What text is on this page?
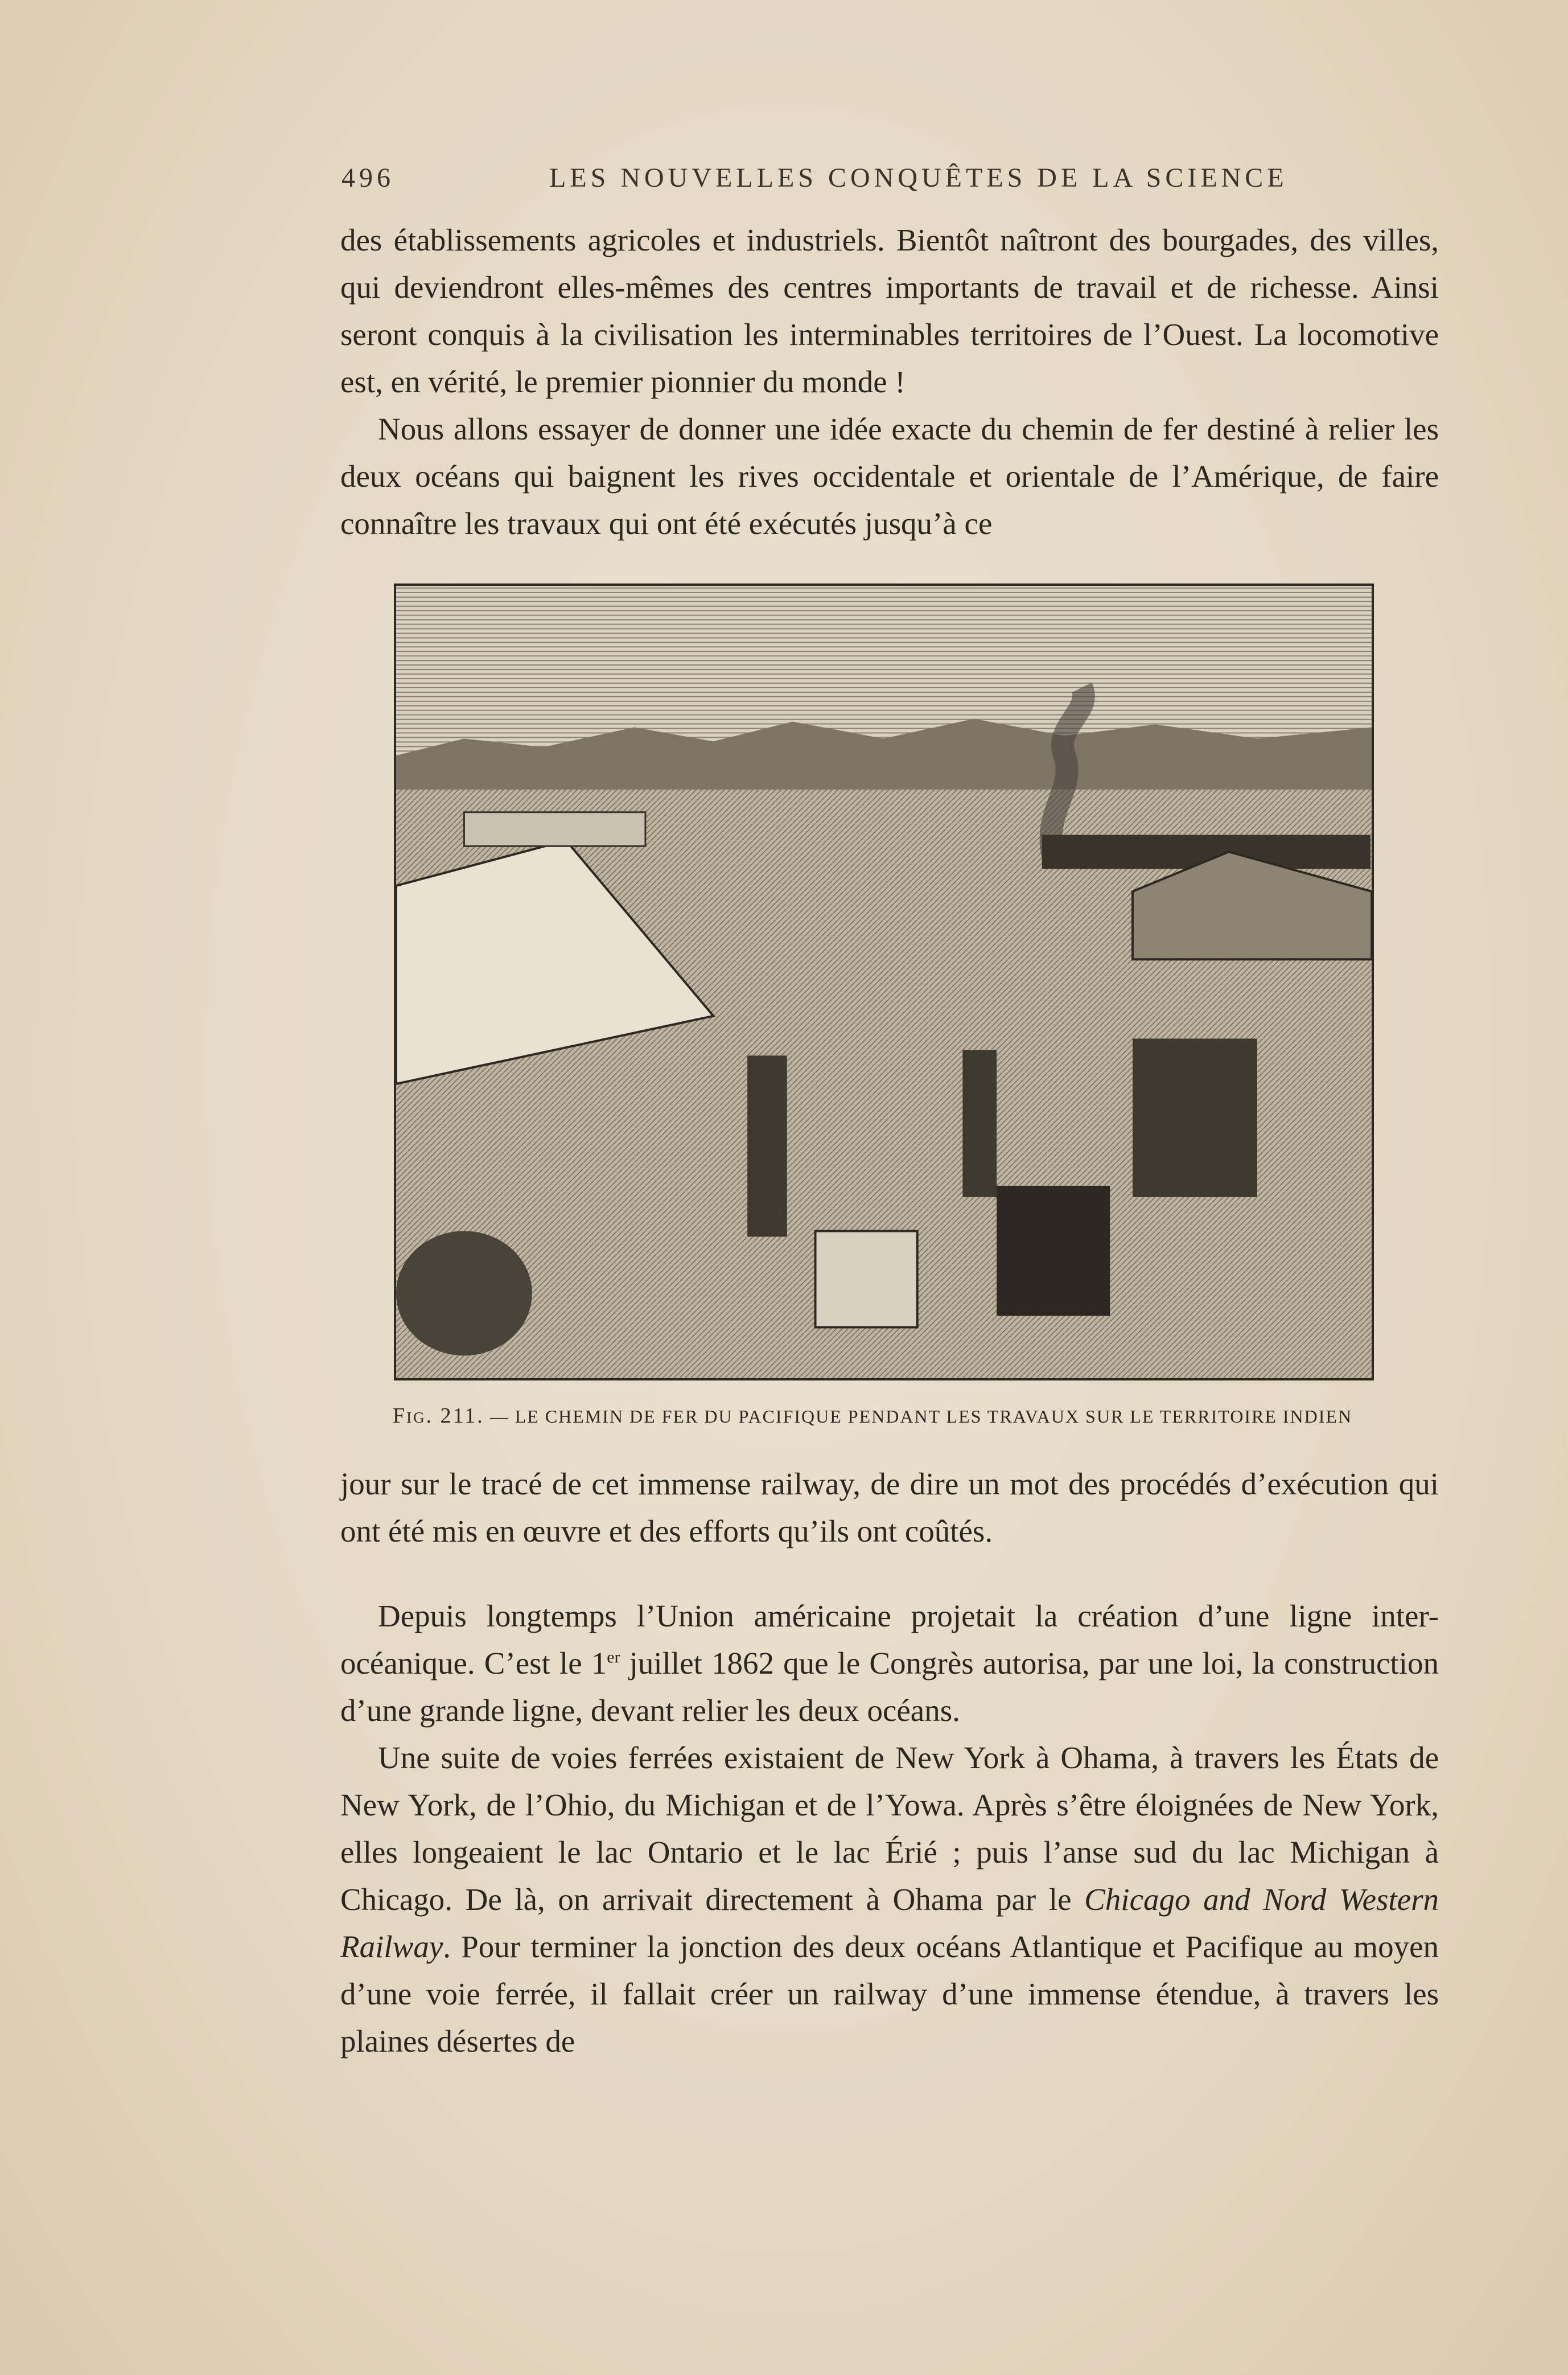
496	LES NOUVELLES CONQUÊTES DE LA SCIENCE

des établissements agricoles et industriels. Bientôt naîtront des bourgades, des villes, qui deviendront elles-mêmes des centres importants de travail et de richesse. Ainsi seront conquis à la civilisation les interminables territoires de l’Ouest. La locomotive est, en vérité, le premier pionnier du monde !

Nous allons essayer de donner une idée exacte du chemin de fer destiné à relier les deux océans qui baignent les rives occidentale et orientale de l’Amérique, de faire connaître les travaux qui ont été exécutés jusqu’à ce

Fig. 211. — LE CHEMIN DE FER DU PACIFIQUE PENDANT LES TRAVAUX SUR LE TERRITOIRE INDIEN

jour sur le tracé de cet immense railway, de dire un mot des procédés d’exécution qui ont été mis en œuvre et des efforts qu’ils ont coûtés.

Depuis longtemps l’Union américaine projetait la création d’une ligne inter-océanique. C’est le 1er juillet 1862 que le Congrès autorisa, par une loi, la construction d’une grande ligne, devant relier les deux océans.

Une suite de voies ferrées existaient de New York à Ohama, à travers les États de New York, de l’Ohio, du Michigan et de l’Yowa. Après s’être éloignées de New York, elles longeaient le lac Ontario et le lac Érié ; puis l’anse sud du lac Michigan à Chicago. De là, on arrivait directement à Ohama par le Chicago and Nord Western Railway. Pour terminer la jonction des deux océans Atlantique et Pacifique au moyen d’une voie ferrée, il fallait créer un railway d’une immense étendue, à travers les plaines désertes de
